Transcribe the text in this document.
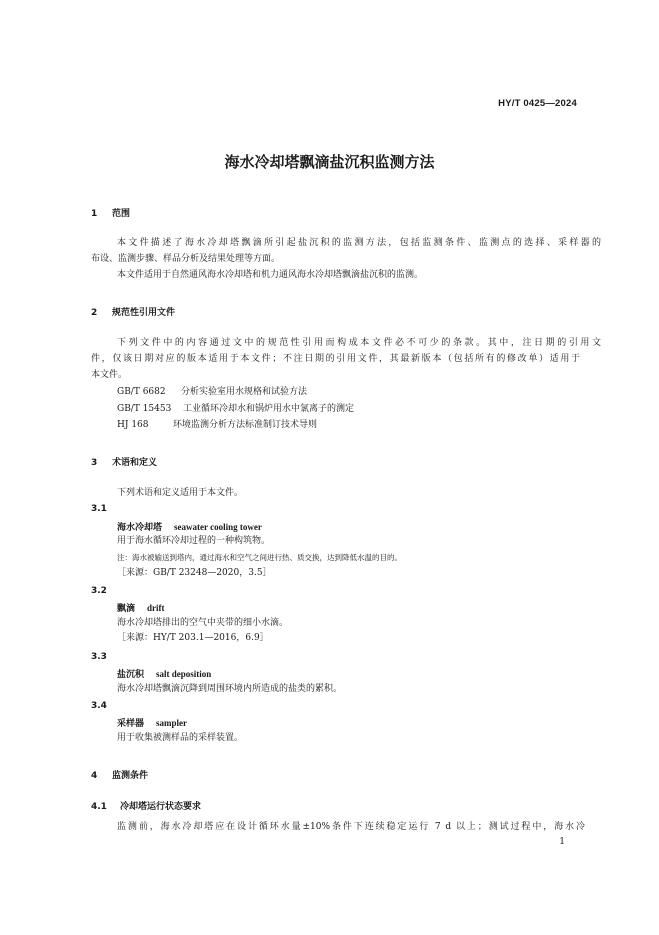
HY/T 0425—2024
海水冷却塔飘滴盐沉积监测方法
1 范围
本文件描述了海水冷却塔飘滴所引起盐沉积的监测方法，包括监测条件、监测点的选择、采样器的
布设、监测步骤、样品分析及结果处理等方面。
本文件适用于自然通风海水冷却塔和机力通风海水冷却塔飘滴盐沉积的监测。
2 规范性引用文件
下列文件中的内容通过文中的规范性引用而构成本文件必不可少的条款。其中，注日期的引用文
件，仅该日期对应的版本适用于本文件；不注日期的引用文件，其最新版本（包括所有的修改单）适用于
本文件。
GB/T 6682 分析实验室用水规格和试验方法
GB/T 15453 工业循环冷却水和锅炉用水中氯离子的测定
HJ 168	环境监测分析方法标准制订技术导则
3 术语和定义
下列术语和定义适用于本文件。
3.1
海水冷却塔 seawater cooling tower
用于海水循环冷却过程的一种构筑物。
注：海水被输送到塔内，通过海水和空气之间进行热、质交换，达到降低水温的目的。
［来源：GB/T 23248—2020，3.5］
3.2
飘滴 drift
海水冷却塔排出的空气中夹带的细小水滴。
［来源：HY/T 203.1—2016，6.9］
3.3
盐沉积 salt deposition
海水冷却塔飘滴沉降到周围环境内所造成的盐类的累积。
3.4
采样器 sampler
用于收集被测样品的采样装置。
4 监测条件
4.1 冷却塔运行状态要求
监测前，海水冷却塔应在设计循环水量±10%条件下连续稳定运行 7 d 以上；测试过程中，海水冷
1
